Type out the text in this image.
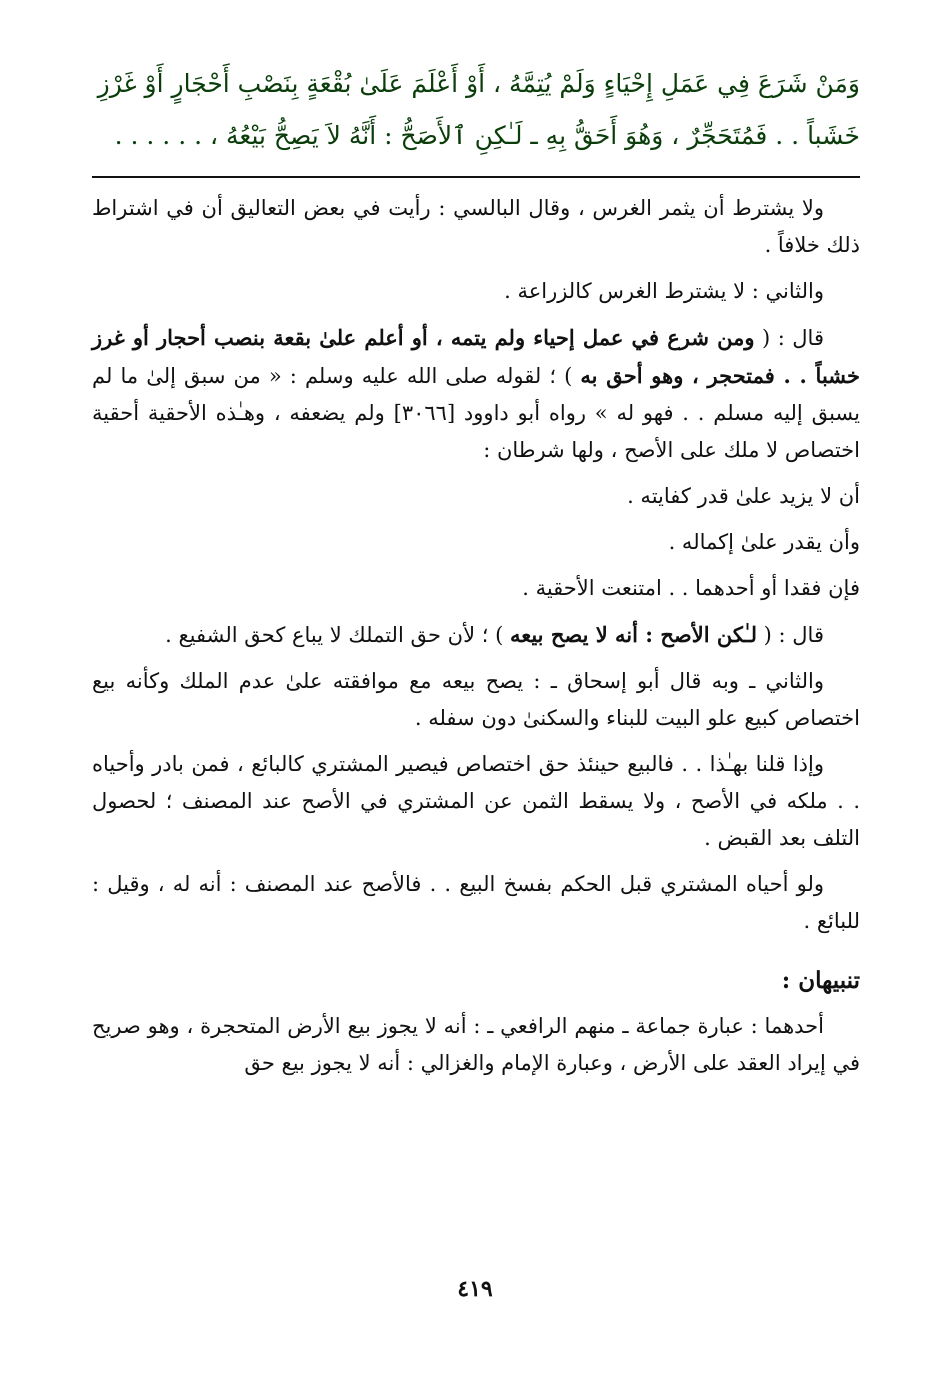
وَمَنْ شَرَعَ فِي عَمَلِ إِحْيَاءٍ وَلَمْ يُتِمَّهُ ، أَوْ أَعْلَمَ عَلَىٰ بُقْعَةٍ بِنَصْبِ أَحْجَارٍ أَوْ غَرْزِ

خَشَباً . . فَمُتَحَجِّرٌ ، وَهُوَ أَحَقُّ بِهِ ـ لَـٰكِنِ ٱلأَصَحُّ : أَنَّهُ لاَ يَصِحُّ بَيْعُهُ ، . . . . . .

ولا يشترط أن يثمر الغرس ، وقال البالسي : رأيت في بعض التعاليق أن في اشتراط ذلك خلافاً .

والثاني : لا يشترط الغرس كالزراعة .

قال : ( ومن شرع في عمل إحياء ولم يتمه ، أو أعلم علىٰ بقعة بنصب أحجار أو غرز خشباً . . فمتحجر ، وهو أحق به ) ؛ لقوله صلى الله عليه وسلم : « من سبق إلىٰ ما لم يسبق إليه مسلم . . فهو له » رواه أبو داوود [٣٠٦٦] ولم يضعفه ، وهـٰذه الأحقية أحقية اختصاص لا ملك على الأصح ، ولها شرطان :

أن لا يزيد علىٰ قدر كفايته .

وأن يقدر علىٰ إكماله .

فإن فقدا أو أحدهما . . امتنعت الأحقية .

قال : ( لـٰكن الأصح : أنه لا يصح بيعه ) ؛ لأن حق التملك لا يباع كحق الشفيع .

والثاني ـ وبه قال أبو إسحاق ـ : يصح بيعه مع موافقته علىٰ عدم الملك وكأنه بيع اختصاص كبيع علو البيت للبناء والسكنىٰ دون سفله .

وإذا قلنا بهـٰذا . . فالبيع حينئذ حق اختصاص فيصير المشتري كالبائع ، فمن بادر وأحياه . . ملكه في الأصح ، ولا يسقط الثمن عن المشتري في الأصح عند المصنف ؛ لحصول التلف بعد القبض .

ولو أحياه المشتري قبل الحكم بفسخ البيع . . فالأصح عند المصنف : أنه له ، وقيل : للبائع .

تنبيهان :

أحدهما : عبارة جماعة ـ منهم الرافعي ـ : أنه لا يجوز بيع الأرض المتحجرة ، وهو صريح في إيراد العقد على الأرض ، وعبارة الإمام والغزالي : أنه لا يجوز بيع حق

٤١٩
